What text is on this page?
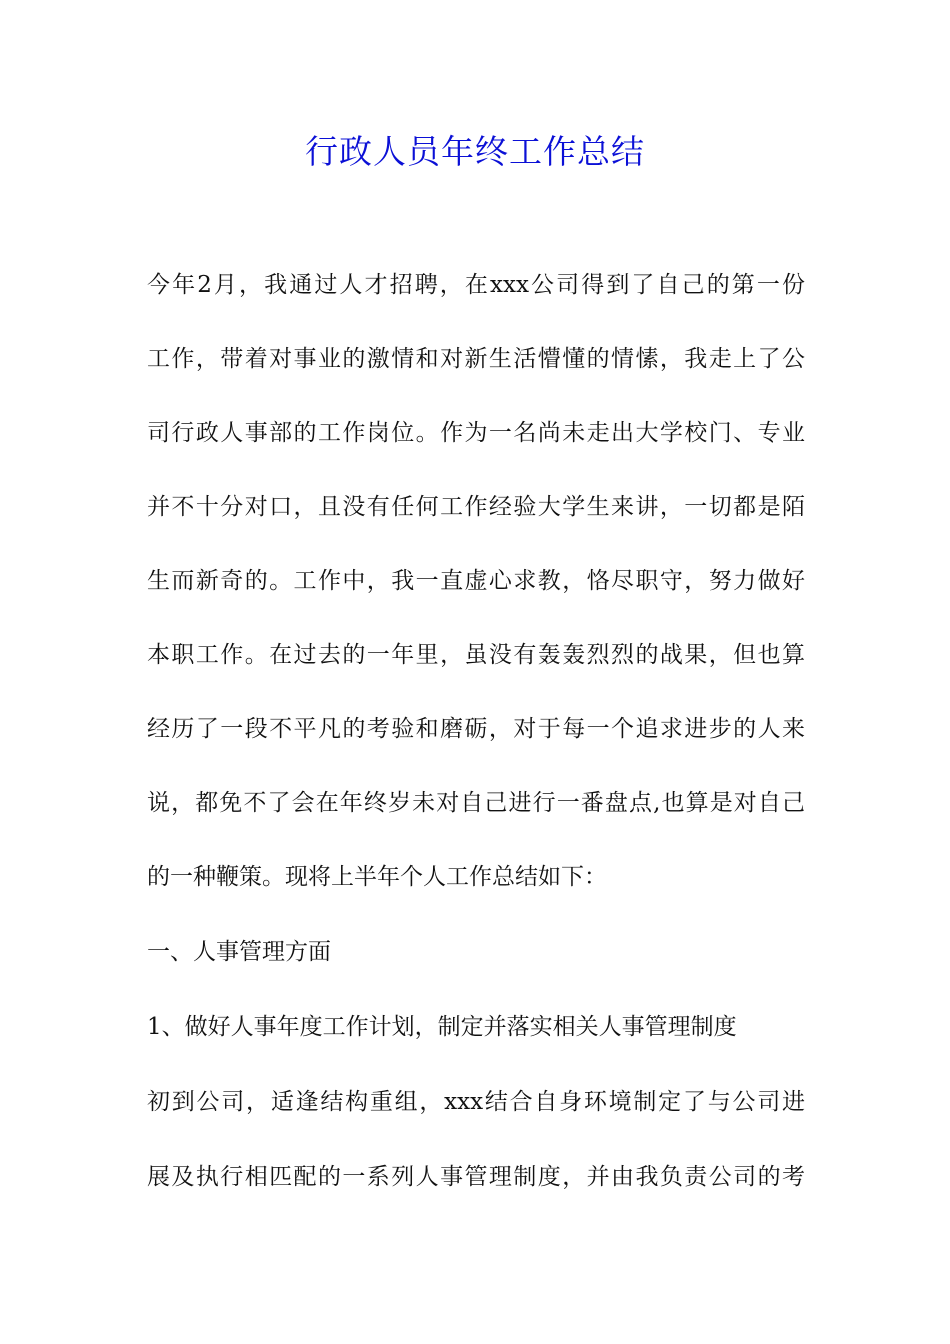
行政人员年终工作总结
今年2月，我通过人才招聘，在xxx公司得到了自己的第一份
工作，带着对事业的激情和对新生活懵懂的情愫，我走上了公
司行政人事部的工作岗位。作为一名尚未走出大学校门、专业
并不十分对口，且没有任何工作经验大学生来讲，一切都是陌
生而新奇的。工作中，我一直虚心求教，恪尽职守，努力做好
本职工作。在过去的一年里，虽没有轰轰烈烈的战果，但也算
经历了一段不平凡的考验和磨砺，对于每一个追求进步的人来
说，都免不了会在年终岁未对自己进行一番盘点,也算是对自己
的一种鞭策。现将上半年个人工作总结如下：
一、人事管理方面
1、做好人事年度工作计划，制定并落实相关人事管理制度
初到公司，适逢结构重组，xxx结合自身环境制定了与公司进
展及执行相匹配的一系列人事管理制度，并由我负责公司的考
